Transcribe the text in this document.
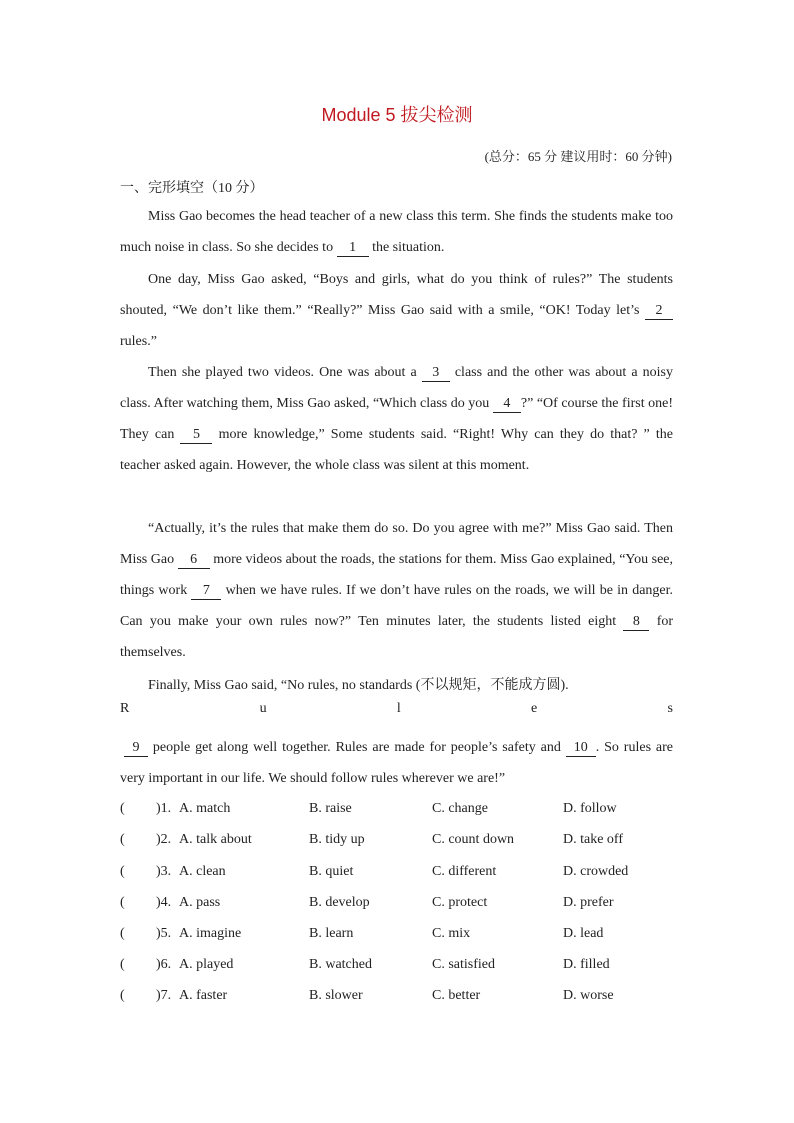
Module 5 拔尖检测
(总分：65 分 建议用时：60 分钟)
一、完形填空（10 分）
Miss Gao becomes the head teacher of a new class this term. She finds the students make too much noise in class. So she decides to 1 the situation.
One day, Miss Gao asked, “Boys and girls, what do you think of rules?” The students shouted, “We don’t like them.” “Really?” Miss Gao said with a smile, “OK! Today let’s 2 rules.”
Then she played two videos. One was about a 3 class and the other was about a noisy class. After watching them, Miss Gao asked, “Which class do you 4 ?” “Of course the first one! They can 5 more knowledge,” Some students said. “Right! Why can they do that? ” the teacher asked again. However, the whole class was silent at this moment.
“Actually, it’s the rules that make them do so. Do you agree with me?” Miss Gao said. Then Miss Gao 6 more videos about the roads, the stations for them. Miss Gao explained, “You see, things work 7 when we have rules. If we don’t have rules on the roads, we will be in danger. Can you make your own rules now?” Ten minutes later, the students listed eight 8 for themselves.
Finally, Miss Gao said, “No rules, no standards (不以规矩，不能成方圆).
R	u	l	e	s
9 people get along well together. Rules are made for people’s safety and 10 . So rules are very important in our life. We should follow rules wherever we are!”
( )1. A. match	B. raise	C. change	D. follow
( )2. A. talk about	B. tidy up	C. count down	D. take off
( )3. A. clean	B. quiet	C. different	D. crowded
( )4. A. pass	B. develop	C. protect	D. prefer
( )5. A. imagine	B. learn	C. mix	D. lead
( )6. A. played	B. watched	C. satisfied	D. filled
( )7. A. faster	B. slower	C. better	D. worse
